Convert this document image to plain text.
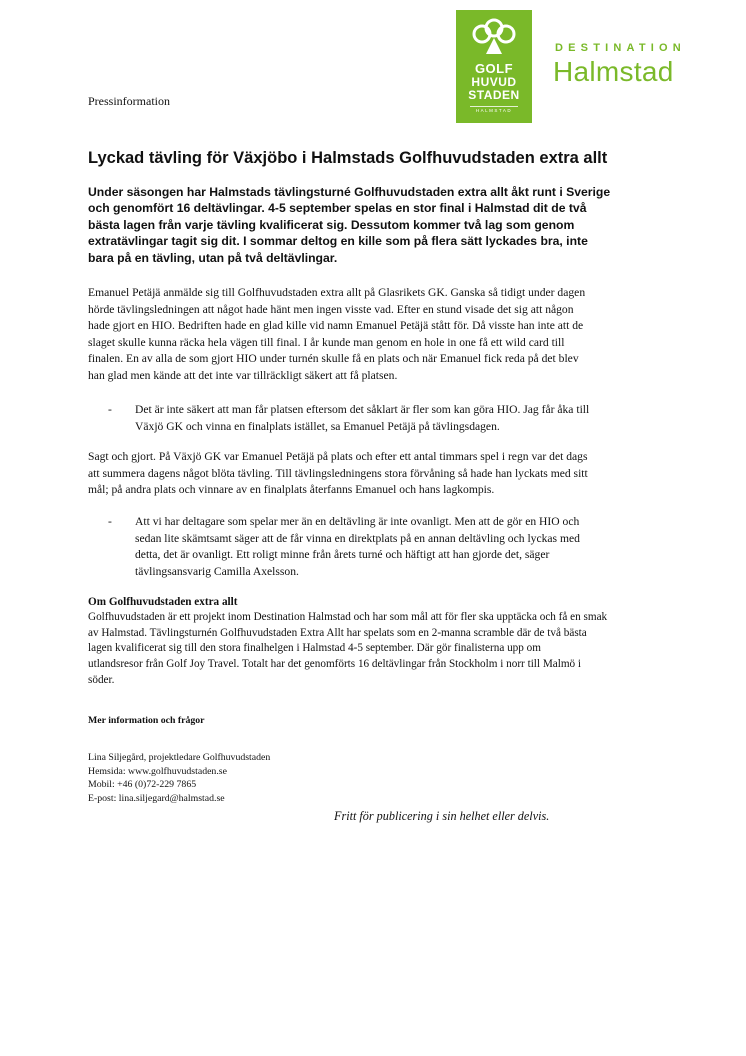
GOLF
HUVUD
STADEN
HALMSTAD
DESTINATION
Halmstad
Pressinformation
Lyckad tävling för Växjöbo i Halmstads Golfhuvudstaden extra allt
Under säsongen har Halmstads tävlingsturné Golfhuvudstaden extra allt åkt runt i Sverige
och genomfört 16 deltävlingar. 4-5 september spelas en stor final i Halmstad dit de två
bästa lagen från varje tävling kvalificerat sig. Dessutom kommer två lag som genom
extratävlingar tagit sig dit. I sommar deltog en kille som på flera sätt lyckades bra, inte
bara på en tävling, utan på två deltävlingar.
Emanuel Petäjä anmälde sig till Golfhuvudstaden extra allt på Glasrikets GK. Ganska så tidigt under dagen
hörde tävlingsledningen att något hade hänt men ingen visste vad. Efter en stund visade det sig att någon
hade gjort en HIO. Bedriften hade en glad kille vid namn Emanuel Petäjä stått för. Då visste han inte att de
slaget skulle kunna räcka hela vägen till final. I år kunde man genom en hole in one få ett wild card till
finalen. En av alla de som gjort HIO under turnén skulle få en plats och när Emanuel fick reda på det blev
han glad men kände att det inte var tillräckligt säkert att få platsen.
- Det är inte säkert att man får platsen eftersom det såklart är fler som kan göra HIO. Jag får åka till
Växjö GK och vinna en finalplats istället, sa Emanuel Petäjä på tävlingsdagen.
Sagt och gjort. På Växjö GK var Emanuel Petäjä på plats och efter ett antal timmars spel i regn var det dags
att summera dagens något blöta tävling. Till tävlingsledningens stora förvåning så hade han lyckats med sitt
mål; på andra plats och vinnare av en finalplats återfanns Emanuel och hans lagkompis.
- Att vi har deltagare som spelar mer än en deltävling är inte ovanligt. Men att de gör en HIO och
sedan lite skämtsamt säger att de får vinna en direktplats på en annan deltävling och lyckas med
detta, det är ovanligt. Ett roligt minne från årets turné och häftigt att han gjorde det, säger
tävlingsansvarig Camilla Axelsson.
Om Golfhuvudstaden extra allt
Golfhuvudstaden är ett projekt inom Destination Halmstad och har som mål att för fler ska upptäcka och få en smak
av Halmstad. Tävlingsturnén Golfhuvudstaden Extra Allt har spelats som en 2-manna scramble där de två bästa
lagen kvalificerat sig till den stora finalhelgen i Halmstad 4-5 september. Där gör finalisterna upp om
utlandsresor från Golf Joy Travel. Totalt har det genomförts 16 deltävlingar från Stockholm i norr till Malmö i
söder.
Mer information och frågor
Lina Siljegård, projektledare Golfhuvudstaden
Hemsida: www.golfhuvudstaden.se
Mobil: +46 (0)72-229 7865
E-post: lina.siljegard@halmstad.se
Fritt för publicering i sin helhet eller delvis.
